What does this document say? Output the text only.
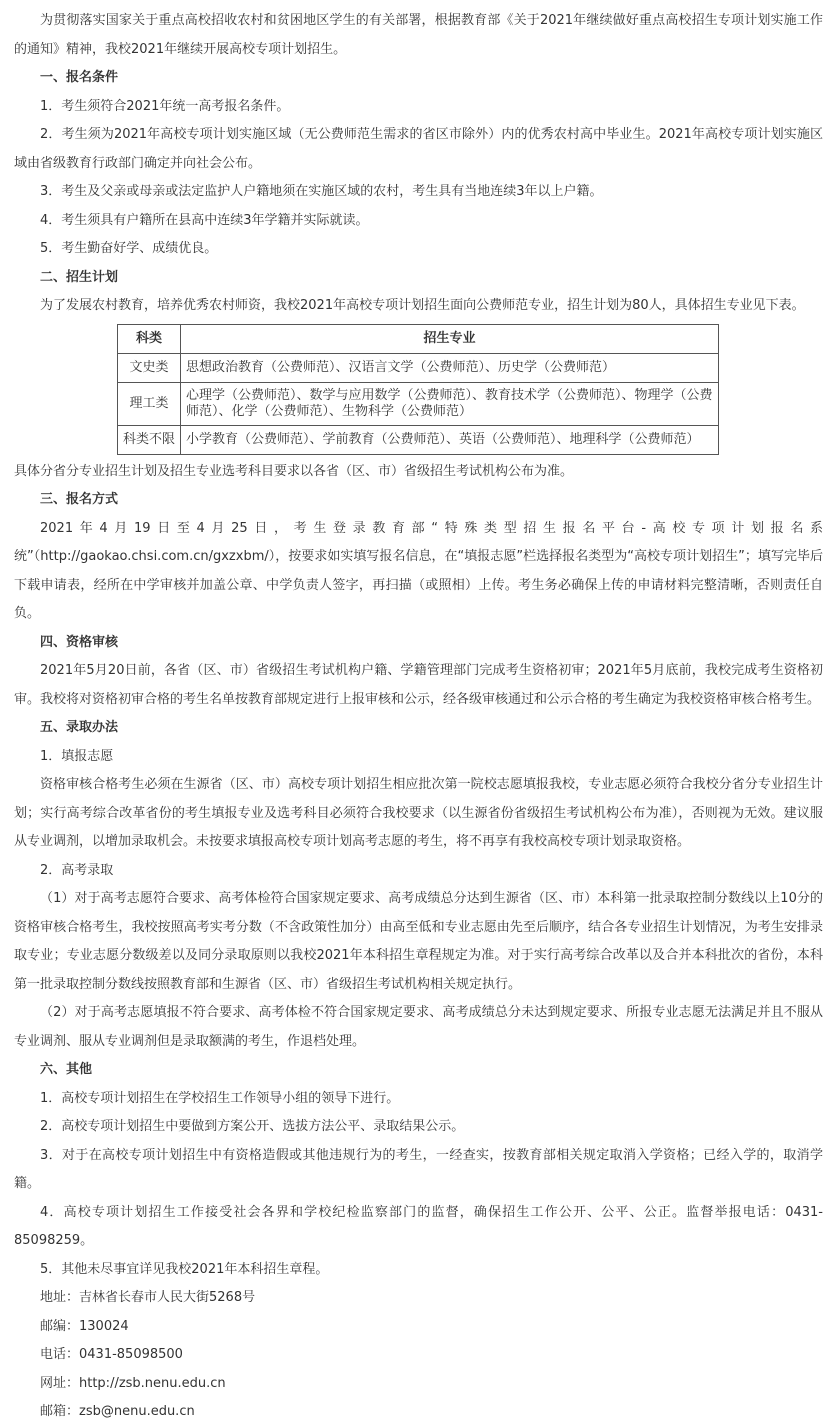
为贯彻落实国家关于重点高校招收农村和贫困地区学生的有关部署，根据教育部《关于2021年继续做好重点高校招生专项计划实施工作的通知》精神，我校2021年继续开展高校专项计划招生。

一、报名条件

1．考生须符合2021年统一高考报名条件。

2．考生须为2021年高校专项计划实施区域（无公费师范生需求的省区市除外）内的优秀农村高中毕业生。2021年高校专项计划实施区域由省级教育行政部门确定并向社会公布。

3．考生及父亲或母亲或法定监护人户籍地须在实施区域的农村，考生具有当地连续3年以上户籍。

4．考生须具有户籍所在县高中连续3年学籍并实际就读。

5．考生勤奋好学、成绩优良。

二、招生计划

为了发展农村教育，培养优秀农村师资，我校2021年高校专项计划招生面向公费师范专业，招生计划为80人，具体招生专业见下表。

科类	招生专业
文史类	思想政治教育（公费师范）、汉语言文学（公费师范）、历史学（公费师范）
理工类	心理学（公费师范）、数学与应用数学（公费师范）、教育技术学（公费师范）、物理学（公费师范）、化学（公费师范）、生物科学（公费师范）
科类不限	小学教育（公费师范）、学前教育（公费师范）、英语（公费师范）、地理科学（公费师范）

具体分省分专业招生计划及招生专业选考科目要求以各省（区、市）省级招生考试机构公布为准。

三、报名方式

2021年4月19日至4月25日，考生登录教育部“特殊类型招生报名平台-高校专项计划报名系统”（http://gaokao.chsi.com.cn/gxzxbm/），按要求如实填写报名信息，在“填报志愿”栏选择报名类型为“高校专项计划招生”；填写完毕后下载申请表，经所在中学审核并加盖公章、中学负责人签字，再扫描（或照相）上传。考生务必确保上传的申请材料完整清晰，否则责任自负。

四、资格审核

2021年5月20日前，各省（区、市）省级招生考试机构户籍、学籍管理部门完成考生资格初审；2021年5月底前，我校完成考生资格初审。我校将对资格初审合格的考生名单按教育部规定进行上报审核和公示，经各级审核通过和公示合格的考生确定为我校资格审核合格考生。

五、录取办法

1．填报志愿

资格审核合格考生必须在生源省（区、市）高校专项计划招生相应批次第一院校志愿填报我校，专业志愿必须符合我校分省分专业招生计划；实行高考综合改革省份的考生填报专业及选考科目必须符合我校要求（以生源省份省级招生考试机构公布为准），否则视为无效。建议服从专业调剂，以增加录取机会。未按要求填报高校专项计划高考志愿的考生，将不再享有我校高校专项计划录取资格。

2．高考录取

（1）对于高考志愿符合要求、高考体检符合国家规定要求、高考成绩总分达到生源省（区、市）本科第一批录取控制分数线以上10分的资格审核合格考生，我校按照高考实考分数（不含政策性加分）由高至低和专业志愿由先至后顺序，结合各专业招生计划情况，为考生安排录取专业；专业志愿分数级差以及同分录取原则以我校2021年本科招生章程规定为准。对于实行高考综合改革以及合并本科批次的省份，本科第一批录取控制分数线按照教育部和生源省（区、市）省级招生考试机构相关规定执行。

（2）对于高考志愿填报不符合要求、高考体检不符合国家规定要求、高考成绩总分未达到规定要求、所报专业志愿无法满足并且不服从专业调剂、服从专业调剂但是录取额满的考生，作退档处理。

六、其他

1．高校专项计划招生在学校招生工作领导小组的领导下进行。

2．高校专项计划招生中要做到方案公开、选拔方法公平、录取结果公示。

3．对于在高校专项计划招生中有资格造假或其他违规行为的考生，一经查实，按教育部相关规定取消入学资格；已经入学的，取消学籍。

4．高校专项计划招生工作接受社会各界和学校纪检监察部门的监督，确保招生工作公开、公平、公正。监督举报电话：0431-85098259。

5．其他未尽事宜详见我校2021年本科招生章程。

地址：吉林省长春市人民大街5268号

邮编：130024

电话：0431-85098500

网址：http://zsb.nenu.edu.cn

邮箱：zsb@nenu.edu.cn
